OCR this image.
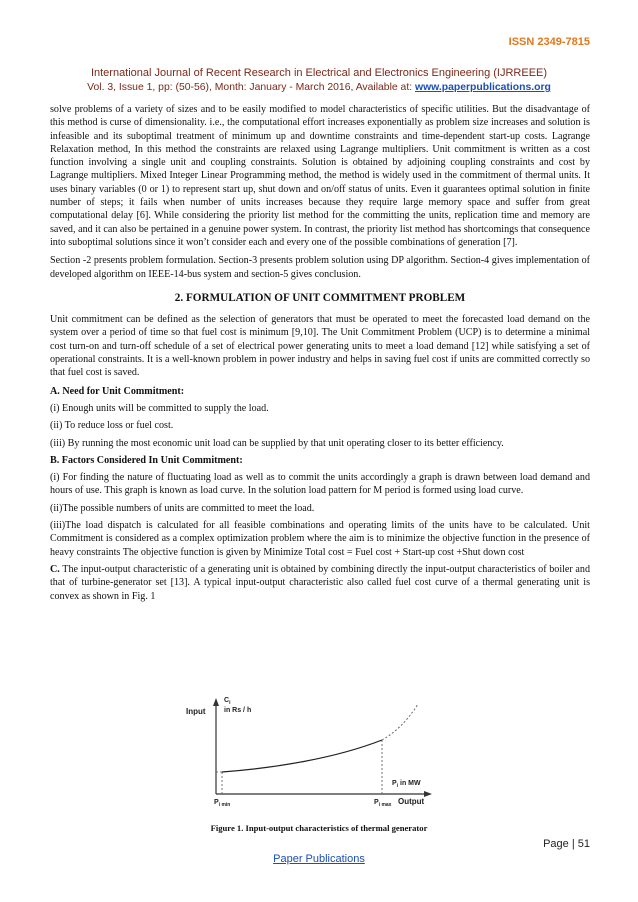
ISSN 2349-7815
International Journal of Recent Research in Electrical and Electronics Engineering (IJRREEE)
Vol. 3, Issue 1, pp: (50-56), Month: January - March 2016, Available at: www.paperpublications.org

solve problems of a variety of sizes and to be easily modified to model characteristics of specific utilities. But the disadvantage of this method is curse of dimensionality. i.e., the computational effort increases exponentially as problem size increases and solution is infeasible and its suboptimal treatment of minimum up and downtime constraints and time-dependent start-up costs. Lagrange Relaxation method, In this method the constraints are relaxed using Lagrange multipliers. Unit commitment is written as a cost function involving a single unit and coupling constraints. Solution is obtained by adjoining coupling constraints and cost by Lagrange multipliers. Mixed Integer Linear Programming method, the method is widely used in the commitment of thermal units. It uses binary variables (0 or 1) to represent start up, shut down and on/off status of units. Even it guarantees optimal solution in finite number of steps; it fails when number of units increases because they require large memory space and suffer from great computational delay [6]. While considering the priority list method for the committing the units, replication time and memory are saved, and it can also be pertained in a genuine power system. In contrast, the priority list method has shortcomings that consequence into suboptimal solutions since it won’t consider each and every one of the possible combinations of generation [7].

Section -2 presents problem formulation. Section-3 presents problem solution using DP algorithm. Section-4 gives implementation of developed algorithm on IEEE-14-bus system and section-5 gives conclusion.

2. FORMULATION OF UNIT COMMITMENT PROBLEM

Unit commitment can be defined as the selection of generators that must be operated to meet the forecasted load demand on the system over a period of time so that fuel cost is minimum [9,10]. The Unit Commitment Problem (UCP) is to determine a minimal cost turn-on and turn-off schedule of a set of electrical power generating units to meet a load demand [12] while satisfying a set of operational constraints. It is a well-known problem in power industry and helps in saving fuel cost if units are committed correctly so that fuel cost is saved.

A. Need for Unit Commitment:

(i) Enough units will be committed to supply the load.

(ii) To reduce loss or fuel cost.

(iii) By running the most economic unit load can be supplied by that unit operating closer to its better efficiency.

B. Factors Considered In Unit Commitment:

(i) For finding the nature of fluctuating load as well as to commit the units accordingly a graph is drawn between load demand and hours of use. This graph is known as load curve. In the solution load pattern for M period is formed using load curve.

(ii)The possible numbers of units are committed to meet the load.

(iii)The load dispatch is calculated for all feasible combinations and operating limits of the units have to be calculated. Unit Commitment is considered as a complex optimization problem where the aim is to minimize the objective function in the presence of heavy constraints The objective function is given by Minimize Total cost = Fuel cost + Start-up cost +Shut down cost

C. The input-output characteristic of a generating unit is obtained by combining directly the input-output characteristics of boiler and that of turbine-generator set [13]. A typical input-output characteristic also called fuel cost curve of a thermal generating unit is convex as shown in Fig. 1

Input
$C_i$
in Rs / h
$P_i$ in MW
Output
$P_{i min}$	$P_{i max}$
Figure 1. Input-output characteristics of thermal generator
Page | 51
Paper Publications
